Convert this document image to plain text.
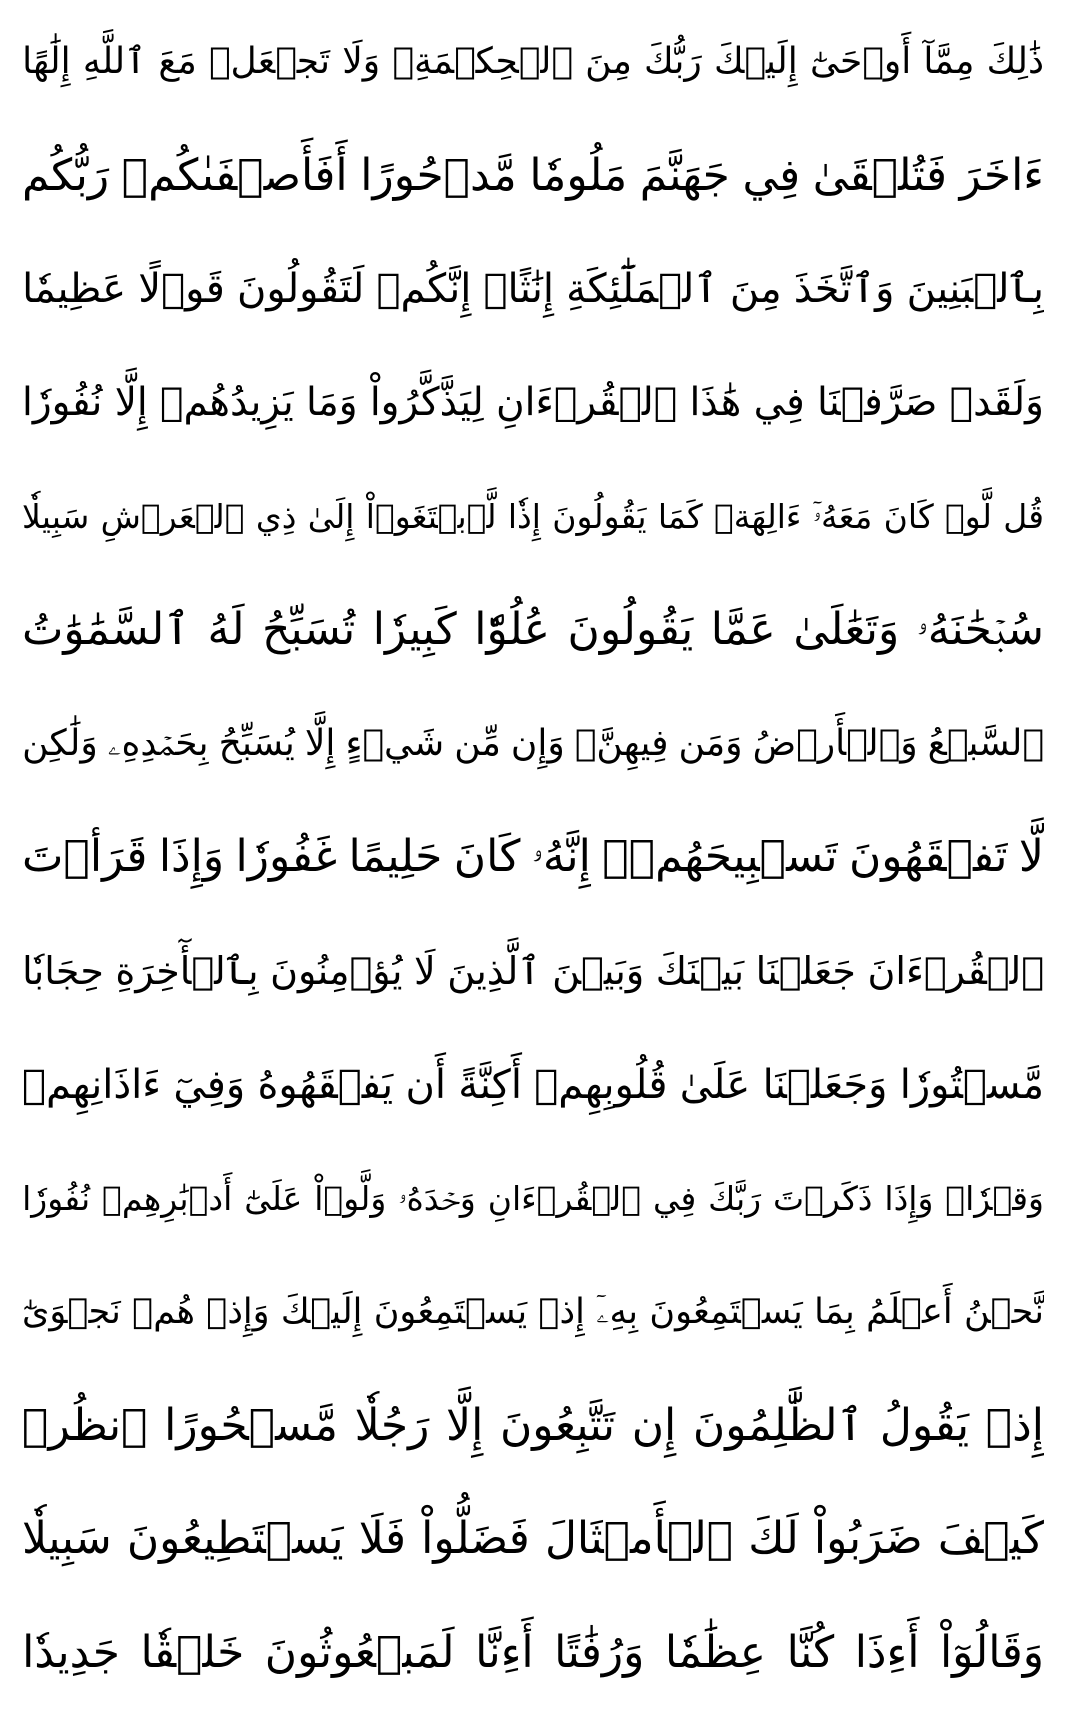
ذَٰلِكَ
مِمَّآ
أَوۡحَىٰٓ
إِلَيۡكَ
رَبُّكَ
مِنَ
ٱلۡحِكۡمَةِۗ
وَلَا
تَجۡعَلۡ
مَعَ
ٱللَّهِ
إِلَٰهًا
ءَاخَرَ
فَتُلۡقَىٰ
فِي
جَهَنَّمَ
مَلُومٗا
مَّدۡحُورًا
أَفَأَصۡفَىٰكُمۡ
رَبُّكُم
بِٱلۡبَنِينَ
وَٱتَّخَذَ
مِنَ
ٱلۡمَلَٰٓئِكَةِ
إِنَٰثًاۚ
إِنَّكُمۡ
لَتَقُولُونَ
قَوۡلًا
عَظِيمٗا
وَلَقَدۡ
صَرَّفۡنَا
فِي
هَٰذَا
ٱلۡقُرۡءَانِ
لِيَذَّكَّرُواْ
وَمَا
يَزِيدُهُمۡ
إِلَّا
نُفُورٗا
قُل
لَّوۡ
كَانَ
مَعَهُۥٓ
ءَالِهَةٞ
كَمَا
يَقُولُونَ
إِذٗا
لَّٱبۡتَغَوۡاْ
إِلَىٰ
ذِي
ٱلۡعَرۡشِ
سَبِيلٗا
سُبۡحَٰنَهُۥ
وَتَعَٰلَىٰ
عَمَّا
يَقُولُونَ
عُلُوّٗا
كَبِيرٗا
تُسَبِّحُ
لَهُ
ٱلسَّمَٰوَٰتُ
ٱلسَّبۡعُ
وَٱلۡأَرۡضُ
وَمَن
فِيهِنَّۚ
وَإِن
مِّن
شَيۡءٍ
إِلَّا
يُسَبِّحُ
بِحَمۡدِهِۦ
وَلَٰكِن
لَّا
تَفۡقَهُونَ
تَسۡبِيحَهُمۡۚ
إِنَّهُۥ
كَانَ
حَلِيمًا
غَفُورٗا
وَإِذَا
قَرَأۡتَ
ٱلۡقُرۡءَانَ
جَعَلۡنَا
بَيۡنَكَ
وَبَيۡنَ
ٱلَّذِينَ
لَا
يُؤۡمِنُونَ
بِٱلۡأٓخِرَةِ
حِجَابٗا
مَّسۡتُورٗا
وَجَعَلۡنَا
عَلَىٰ
قُلُوبِهِمۡ
أَكِنَّةً
أَن
يَفۡقَهُوهُ
وَفِيٓ
ءَاذَانِهِمۡ
وَقۡرٗاۚ
وَإِذَا
ذَكَرۡتَ
رَبَّكَ
فِي
ٱلۡقُرۡءَانِ
وَحۡدَهُۥ
وَلَّوۡاْ
عَلَىٰٓ
أَدۡبَٰرِهِمۡ
نُفُورٗا
نَّحۡنُ
أَعۡلَمُ
بِمَا
يَسۡتَمِعُونَ
بِهِۦٓ
إِذۡ
يَسۡتَمِعُونَ
إِلَيۡكَ
وَإِذۡ
هُمۡ
نَجۡوَىٰٓ
إِذۡ
يَقُولُ
ٱلظَّٰلِمُونَ
إِن
تَتَّبِعُونَ
إِلَّا
رَجُلٗا
مَّسۡحُورًا
ٱنظُرۡ
كَيۡفَ
ضَرَبُواْ
لَكَ
ٱلۡأَمۡثَالَ
فَضَلُّواْ
فَلَا
يَسۡتَطِيعُونَ
سَبِيلٗا
وَقَالُوٓاْ
أَءِذَا
كُنَّا
عِظَٰمٗا
وَرُفَٰتًا
أَءِنَّا
لَمَبۡعُوثُونَ
خَلۡقٗا
جَدِيدٗا
